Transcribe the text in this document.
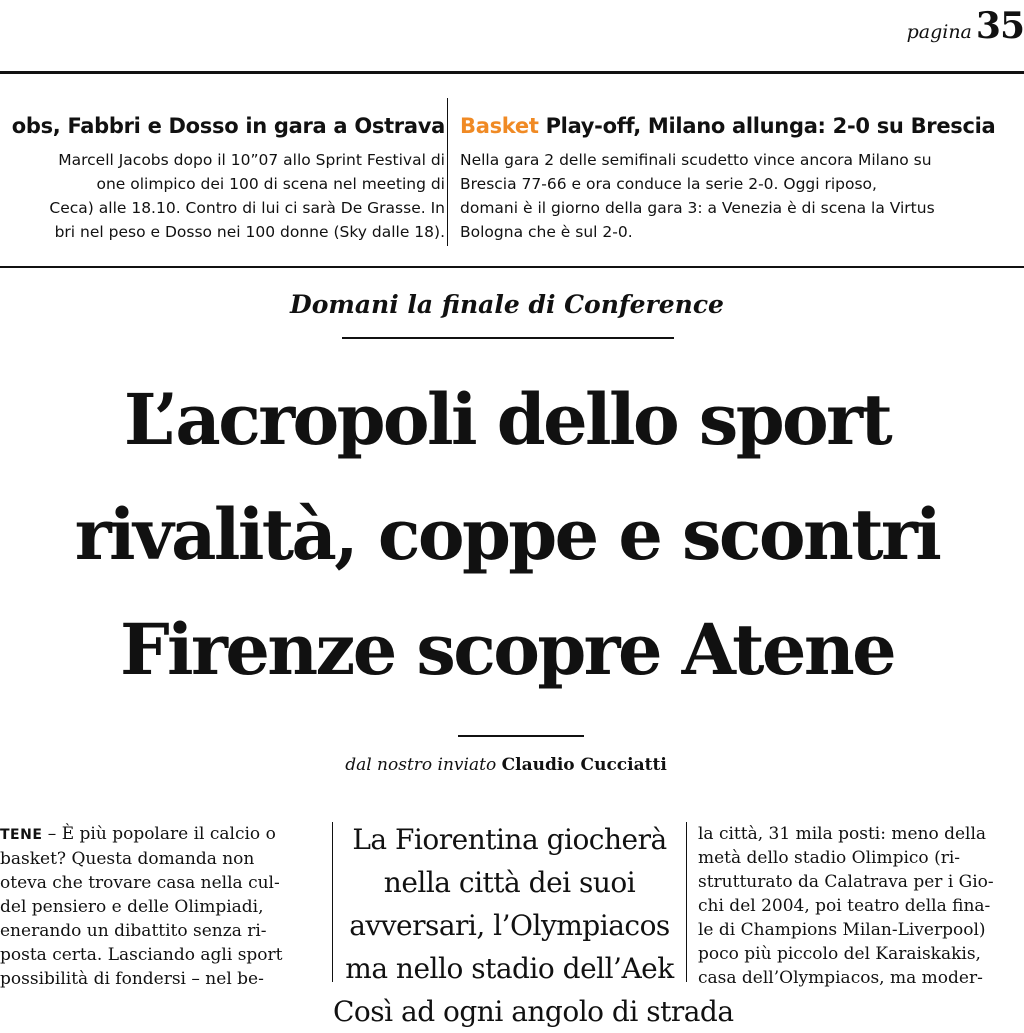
pagina 35
obs, Fabbri e Dosso in gara a Ostrava
Marcell Jacobs dopo il 10”07 allo Sprint Festival di
one olimpico dei 100 di scena nel meeting di
Ceca) alle 18.10. Contro di lui ci sarà De Grasse. In
bri nel peso e Dosso nei 100 donne (Sky dalle 18).
Basket Play-off, Milano allunga: 2-0 su Brescia
Nella gara 2 delle semifinali scudetto vince ancora Milano su
Brescia 77-66 e ora conduce la serie 2-0. Oggi riposo,
domani è il giorno della gara 3: a Venezia è di scena la Virtus
Bologna che è sul 2-0.
Domani la finale di Conference
L’acropoli dello sport
rivalità, coppe e scontri
Firenze scopre Atene
dal nostro inviato Claudio Cucciatti
TENE – È più popolare il calcio o
basket? Questa domanda non
oteva che trovare casa nella cul-
del pensiero e delle Olimpiadi,
enerando un dibattito senza ri-
posta certa. Lasciando agli sport
possibilità di fondersi – nel be-
La Fiorentina giocherà
nella città dei suoi
avversari, l’Olympiacos
ma nello stadio dell’Aek
Così ad ogni angolo di strada
la città, 31 mila posti: meno della
metà dello stadio Olimpico (ri-
strutturato da Calatrava per i Gio-
chi del 2004, poi teatro della fina-
le di Champions Milan-Liverpool)
poco più piccolo del Karaiskakis,
casa dell’Olympiacos, ma moder-
